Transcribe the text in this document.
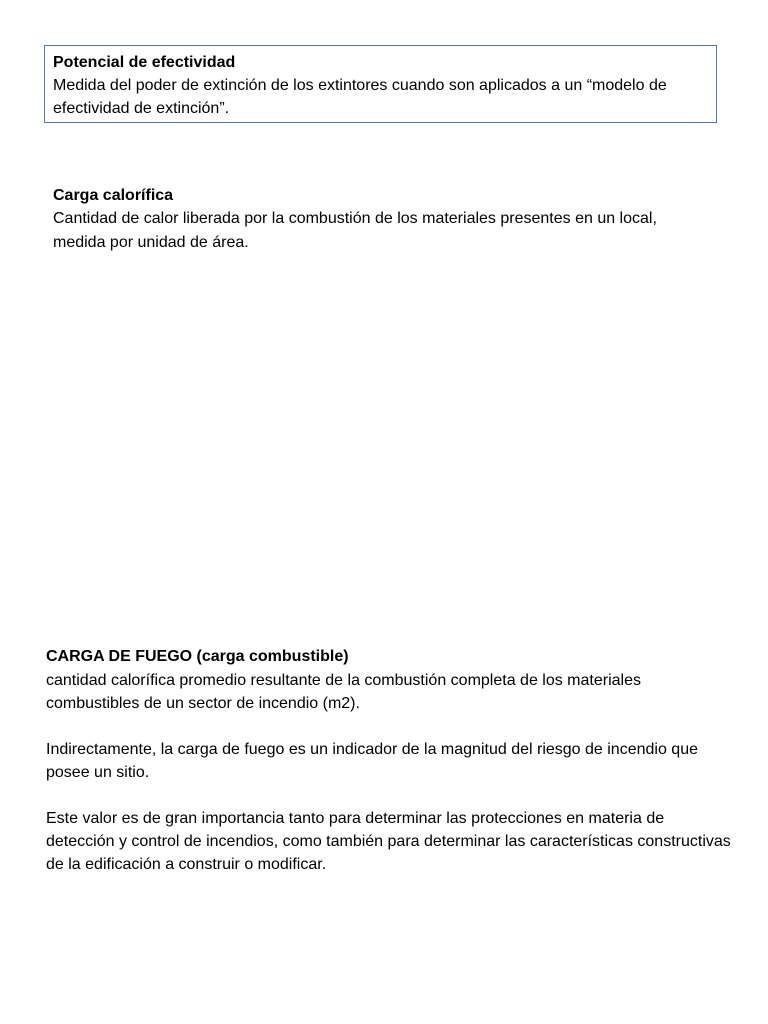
Potencial de efectividad
Medida del poder de extinción de los extintores cuando son aplicados a un “modelo de efectividad de extinción”.
Carga calorífica
Cantidad de calor liberada por la combustión de los materiales presentes en un local, medida por unidad de área.
CARGA DE FUEGO (carga combustible)
cantidad calorífica promedio resultante de la combustión completa de los materiales combustibles de un sector de incendio (m2).
Indirectamente, la carga de fuego es un indicador de la magnitud del riesgo de incendio que posee un sitio.
Este valor es de gran importancia tanto para determinar las protecciones en materia de detección y control de incendios, como también para determinar las características constructivas de la edificación a construir o modificar.
